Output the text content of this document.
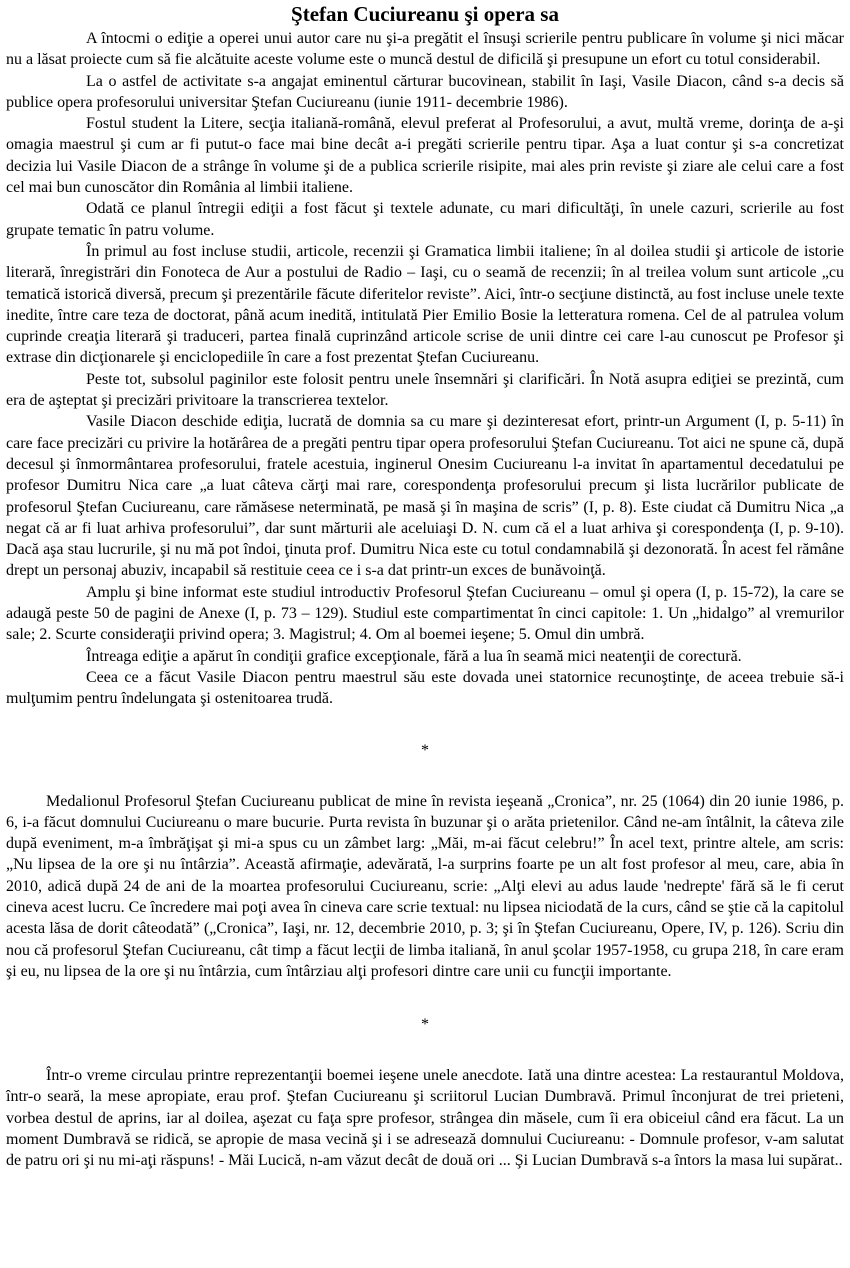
Ştefan Cuciureanu şi opera sa

A întocmi o ediţie a operei unui autor care nu şi-a pregătit el însuşi scrierile pentru publicare în volume şi nici măcar nu a lăsat proiecte cum să fie alcătuite aceste volume este o muncă destul de dificilă şi presupune un efort cu totul considerabil.

La o astfel de activitate s-a angajat eminentul cărturar bucovinean, stabilit în Iaşi, Vasile Diacon, când s-a decis să publice opera profesorului universitar Ştefan Cuciureanu (iunie 1911- decembrie 1986).

Fostul student la Litere, secţia italiană-română, elevul preferat al Profesorului, a avut, multă vreme, dorinţa de a-şi omagia maestrul şi cum ar fi putut-o face mai bine decât a-i pregăti scrierile pentru tipar. Aşa a luat contur şi s-a concretizat decizia lui Vasile Diacon de a strânge în volume şi de a publica scrierile risipite, mai ales prin reviste şi ziare ale celui care a fost cel mai bun cunoscător din România al limbii italiene.

Odată ce planul întregii ediţii a fost făcut şi textele adunate, cu mari dificultăţi, în unele cazuri, scrierile au fost grupate tematic în patru volume.

În primul au fost incluse studii, articole, recenzii şi Gramatica limbii italiene; în al doilea studii şi articole de istorie literară, înregistrări din Fonoteca de Aur a postului de Radio – Iaşi, cu o seamă de recenzii; în al treilea volum sunt articole „cu tematică istorică diversă, precum şi prezentările făcute diferitelor reviste”. Aici, într-o secţiune distinctă, au fost incluse unele texte inedite, între care teza de doctorat, până acum inedită, intitulată Pier Emilio Bosie la letteratura romena. Cel de al patrulea volum cuprinde creaţia literară şi traduceri, partea finală cuprinzând articole scrise de unii dintre cei care l-au cunoscut pe Profesor şi extrase din dicţionarele şi enciclopediile în care a fost prezentat Ştefan Cuciureanu.

Peste tot, subsolul paginilor este folosit pentru unele însemnări şi clarificări. În Notă asupra ediţiei se prezintă, cum era de aşteptat şi precizări privitoare la transcrierea textelor.

Vasile Diacon deschide ediţia, lucrată de domnia sa cu mare şi dezinteresat efort, printr-un Argument (I, p. 5-11) în care face precizări cu privire la hotărârea de a pregăti pentru tipar opera profesorului Ştefan Cuciureanu. Tot aici ne spune că, după decesul şi înmormântarea profesorului, fratele acestuia, inginerul Onesim Cuciureanu l-a invitat în apartamentul decedatului pe profesor Dumitru Nica care „a luat câteva cărţi mai rare, corespondenţa profesorului precum şi lista lucrărilor publicate de profesorul Ştefan Cuciureanu, care rămăsese neterminată, pe masă şi în maşina de scris” (I, p. 8). Este ciudat că Dumitru Nica „a negat că ar fi luat arhiva profesorului”, dar sunt mărturii ale aceluiaşi D. N. cum că el a luat arhiva şi corespondenţa (I, p. 9-10). Dacă aşa stau lucrurile, şi nu mă pot îndoi, ţinuta prof. Dumitru Nica este cu totul condamnabilă şi dezonorată. În acest fel rămâne drept un personaj abuziv, incapabil să restituie ceea ce i s-a dat printr-un exces de bunăvoinţă.

Amplu şi bine informat este studiul introductiv Profesorul Ştefan Cuciureanu – omul şi opera (I, p. 15-72), la care se adaugă peste 50 de pagini de Anexe (I, p. 73 – 129). Studiul este compartimentat în cinci capitole: 1. Un „hidalgo” al vremurilor sale; 2. Scurte consideraţii privind opera; 3. Magistrul; 4. Om al boemei ieşene; 5. Omul din umbră.

Întreaga ediţie a apărut în condiţii grafice excepţionale, fără a lua în seamă mici neatenţii de corectură.

Ceea ce a făcut Vasile Diacon pentru maestrul său este dovada unei statornice recunoştinţe, de aceea trebuie să-i mulţumim pentru îndelungata şi ostenitoarea trudă.

*

Medalionul Profesorul Ştefan Cuciureanu publicat de mine în revista ieşeană „Cronica”, nr. 25 (1064) din 20 iunie 1986, p. 6, i-a făcut domnului Cuciureanu o mare bucurie. Purta revista în buzunar şi o arăta prietenilor. Când ne-am întâlnit, la câteva zile după eveniment, m-a îmbrăţişat şi mi-a spus cu un zâmbet larg: „Măi, m-ai făcut celebru!” În acel text, printre altele, am scris: „Nu lipsea de la ore şi nu întârzia”. Această afirmaţie, adevărată, l-a surprins foarte pe un alt fost profesor al meu, care, abia în 2010, adică după 24 de ani de la moartea profesorului Cuciureanu, scrie: „Alţi elevi au adus laude 'nedrepte' fără să le fi cerut cineva acest lucru. Ce încredere mai poţi avea în cineva care scrie textual: nu lipsea niciodată de la curs, când se ştie că la capitolul acesta lăsa de dorit câteodată” („Cronica”, Iaşi, nr. 12, decembrie 2010, p. 3; şi în Ştefan Cuciureanu, Opere, IV, p. 126). Scriu din nou că profesorul Ştefan Cuciureanu, cât timp a făcut lecţii de limba italiană, în anul şcolar 1957-1958, cu grupa 218, în care eram şi eu, nu lipsea de la ore şi nu întârzia, cum întârziau alţi profesori dintre care unii cu funcţii importante.

*

Într-o vreme circulau printre reprezentanţii boemei ieşene unele anecdote. Iată una dintre acestea: La restaurantul Moldova, într-o seară, la mese apropiate, erau prof. Ştefan Cuciureanu şi scriitorul Lucian Dumbravă. Primul înconjurat de trei prieteni, vorbea destul de aprins, iar al doilea, aşezat cu faţa spre profesor, strângea din măsele, cum îi era obiceiul când era făcut. La un moment Dumbravă se ridică, se apropie de masa vecină şi i se adresează domnului Cuciureanu: - Domnule profesor, v-am salutat de patru ori şi nu mi-aţi răspuns! - Măi Lucică, n-am văzut decât de două ori ... Şi Lucian Dumbravă s-a întors la masa lui supărat..
